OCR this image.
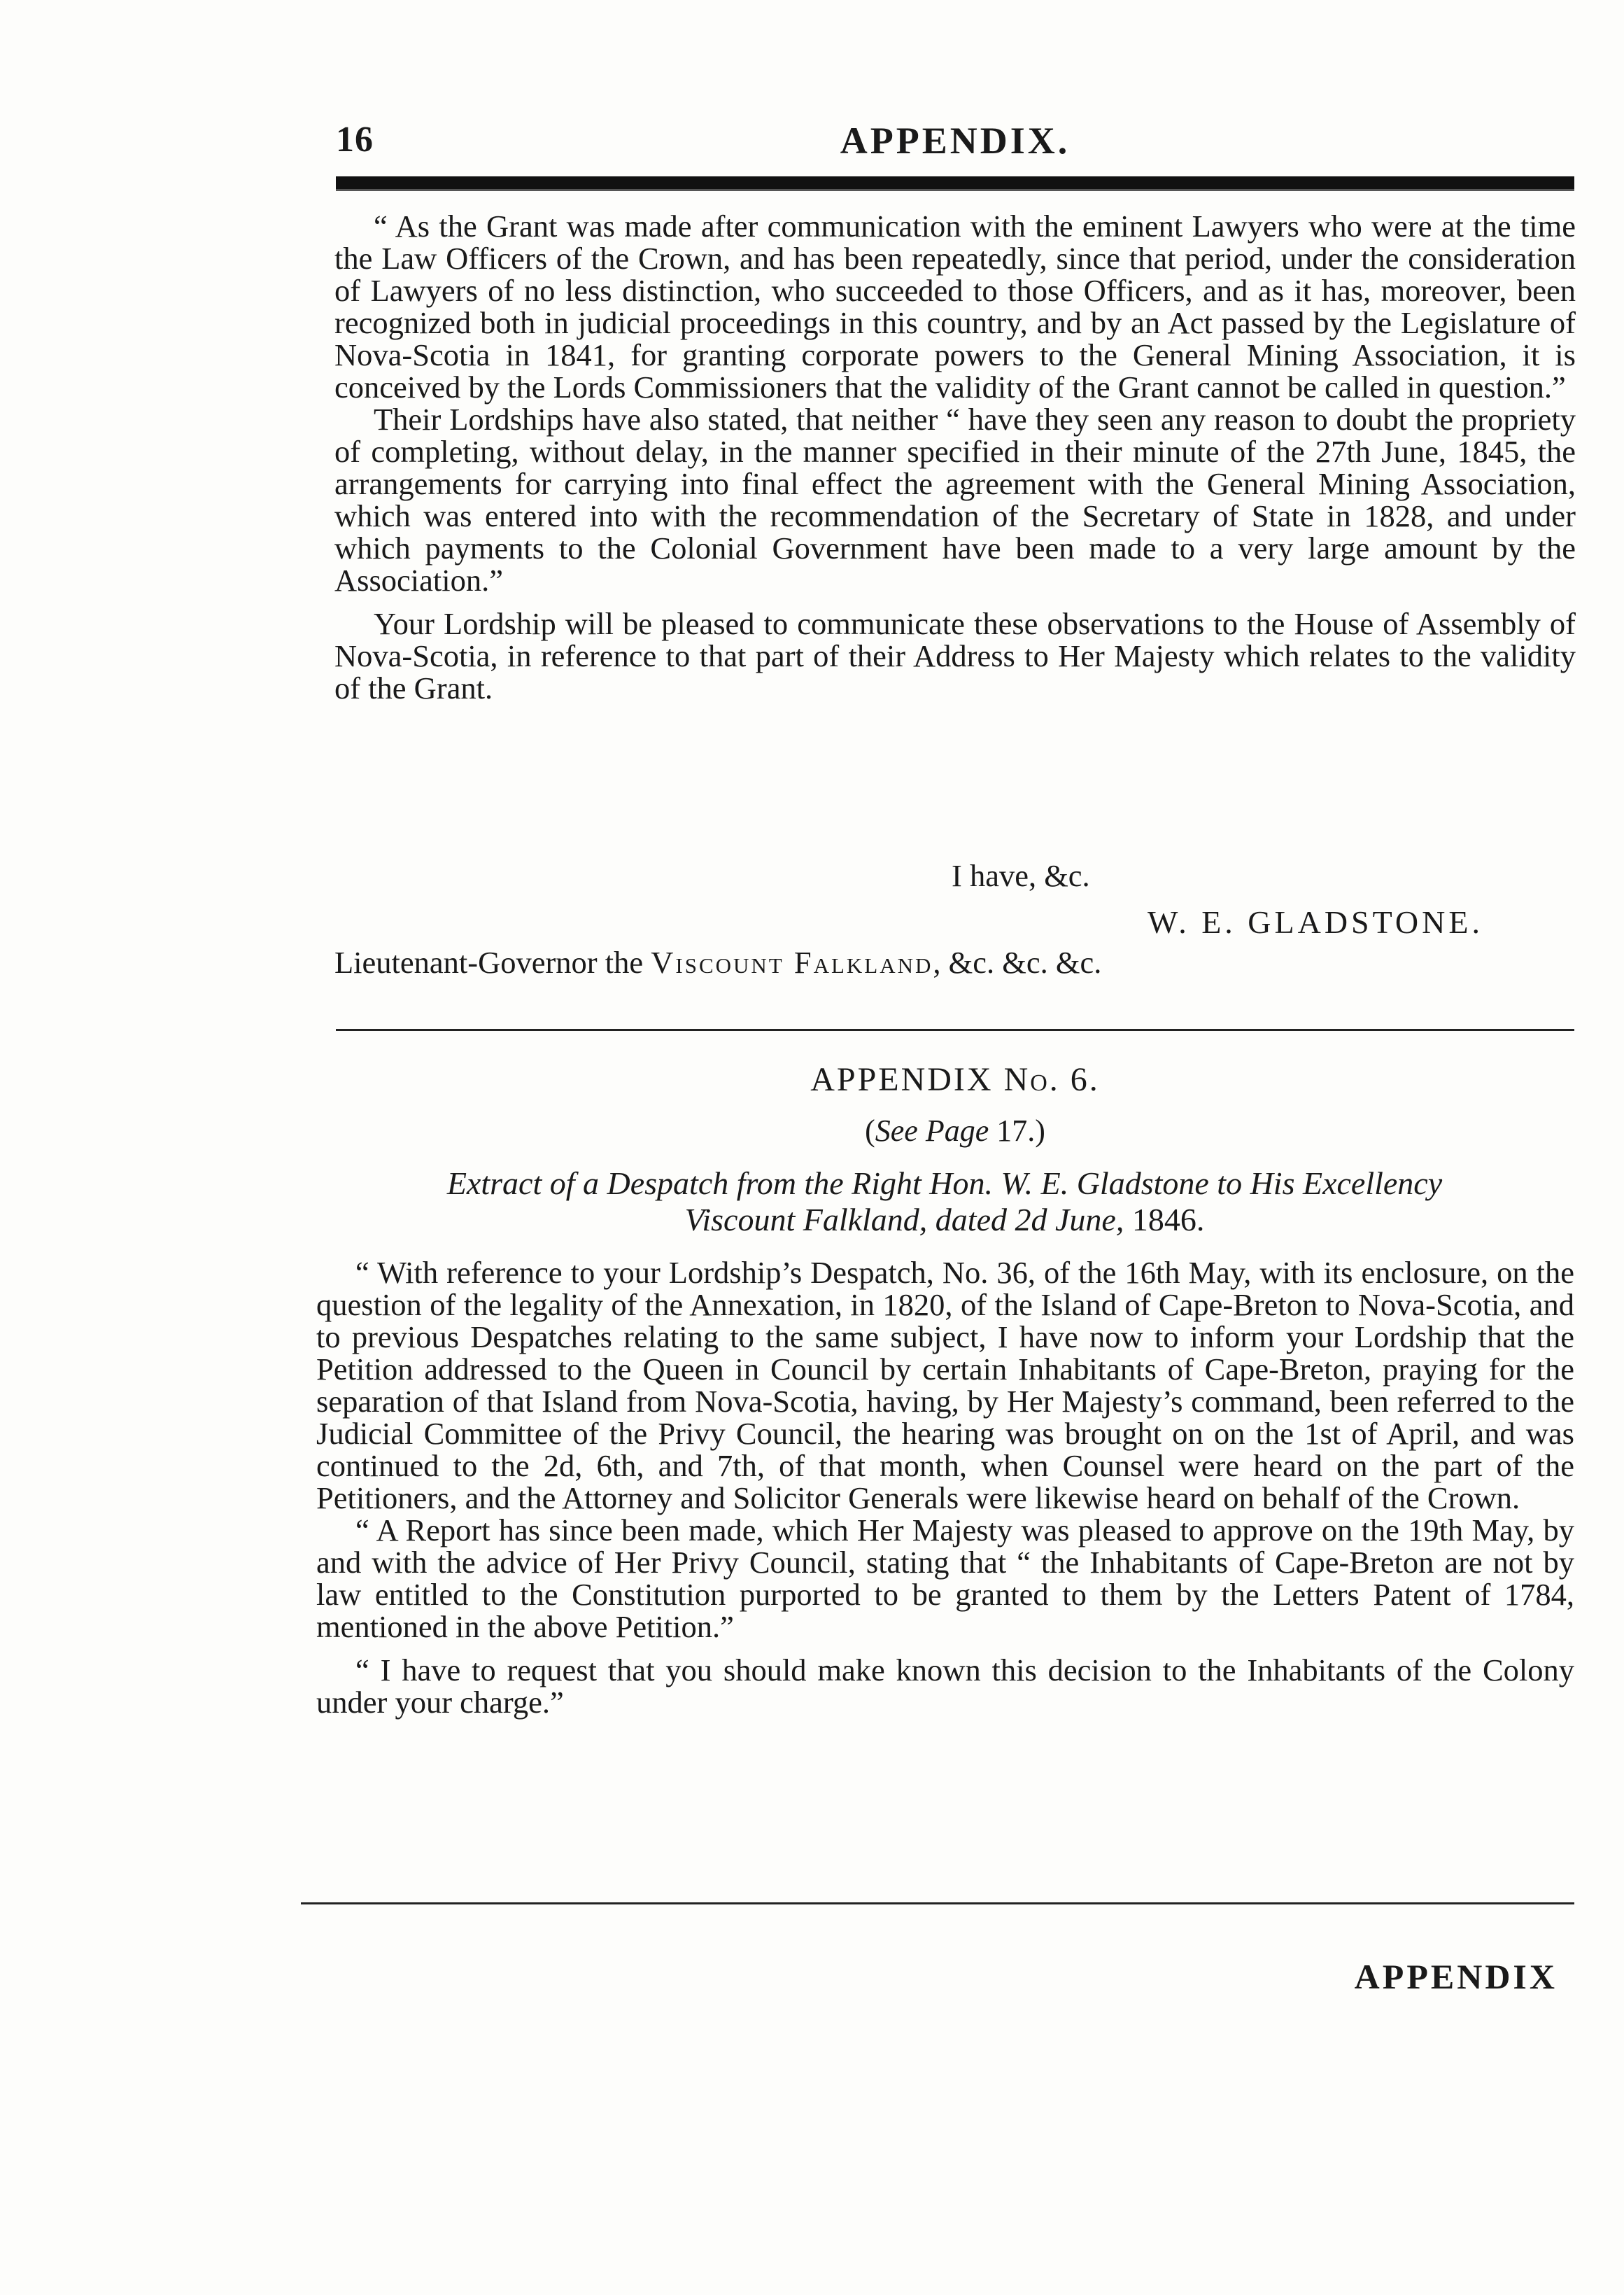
16	APPENDIX.

“ As the Grant was made after communication with the eminent Lawyers who were at the time the Law Officers of the Crown, and has been repeatedly, since that period, under the consideration of Lawyers of no less distinction, who succeeded to those Officers, and as it has, moreover, been recognized both in judicial proceedings in this country, and by an Act passed by the Legislature of Nova-Scotia in 1841, for granting corporate powers to the General Mining Association, it is conceived by the Lords Commissioners that the validity of the Grant cannot be called in question.”

Their Lordships have also stated, that neither “ have they seen any reason to doubt the propriety of completing, without delay, in the manner specified in their minute of the 27th June, 1845, the arrangements for carrying into final effect the agreement with the General Mining Association, which was entered into with the recommendation of the Secretary of State in 1828, and under which payments to the Colonial Government have been made to a very large amount by the Association.”

Your Lordship will be pleased to communicate these observations to the House of Assembly of Nova-Scotia, in reference to that part of their Address to Her Majesty which relates to the validity of the Grant.

I have, &c.
W. E. GLADSTONE.
Lieutenant-Governor the Viscount Falkland, &c. &c. &c.
APPENDIX No. 6.
(See Page 17.)
Extract of a Despatch from the Right Hon. W. E. Gladstone to His Excellency
Viscount Falkland, dated 2d June, 1846.

“ With reference to your Lordship’s Despatch, No. 36, of the 16th May, with its enclosure, on the question of the legality of the Annexation, in 1820, of the Island of Cape-Breton to Nova-Scotia, and to previous Despatches relating to the same subject, I have now to inform your Lordship that the Petition addressed to the Queen in Council by certain Inhabitants of Cape-Breton, praying for the separation of that Island from Nova-Scotia, having, by Her Majesty’s command, been referred to the Judicial Committee of the Privy Council, the hearing was brought on on the 1st of April, and was continued to the 2d, 6th, and 7th, of that month, when Counsel were heard on the part of the Petitioners, and the Attorney and Solicitor Generals were likewise heard on behalf of the Crown.

“ A Report has since been made, which Her Majesty was pleased to approve on the 19th May, by and with the advice of Her Privy Council, stating that “ the Inhabitants of Cape-Breton are not by law entitled to the Constitution purported to be granted to them by the Letters Patent of 1784, mentioned in the above Petition.”

“ I have to request that you should make known this decision to the Inhabitants of the Colony under your charge.”

APPENDIX
